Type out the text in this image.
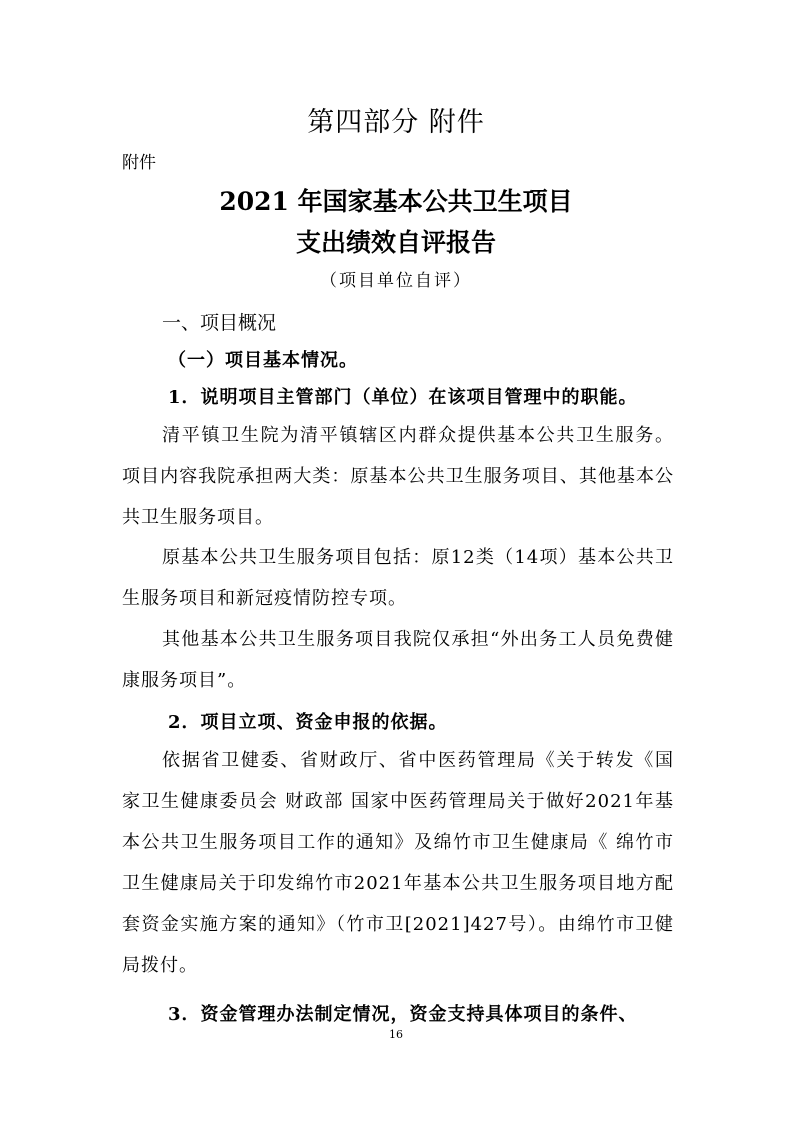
第四部分 附件
附件
2021 年国家基本公共卫生项目
支出绩效自评报告
（项目单位自评）
一、项目概况
（一）项目基本情况。
1．说明项目主管部门（单位）在该项目管理中的职能。
清平镇卫生院为清平镇辖区内群众提供基本公共卫生服务。项目内容我院承担两大类：原基本公共卫生服务项目、其他基本公共卫生服务项目。
原基本公共卫生服务项目包括：原12类（14项）基本公共卫生服务项目和新冠疫情防控专项。
其他基本公共卫生服务项目我院仅承担“外出务工人员免费健康服务项目”。
2．项目立项、资金申报的依据。
依据省卫健委、省财政厅、省中医药管理局《关于转发《国家卫生健康委员会 财政部 国家中医药管理局关于做好2021年基本公共卫生服务项目工作的通知》及绵竹市卫生健康局《 绵竹市卫生健康局关于印发绵竹市2021年基本公共卫生服务项目地方配套资金实施方案的通知》（竹市卫[2021]427号）。由绵竹市卫健局拨付。
3．资金管理办法制定情况，资金支持具体项目的条件、
16
